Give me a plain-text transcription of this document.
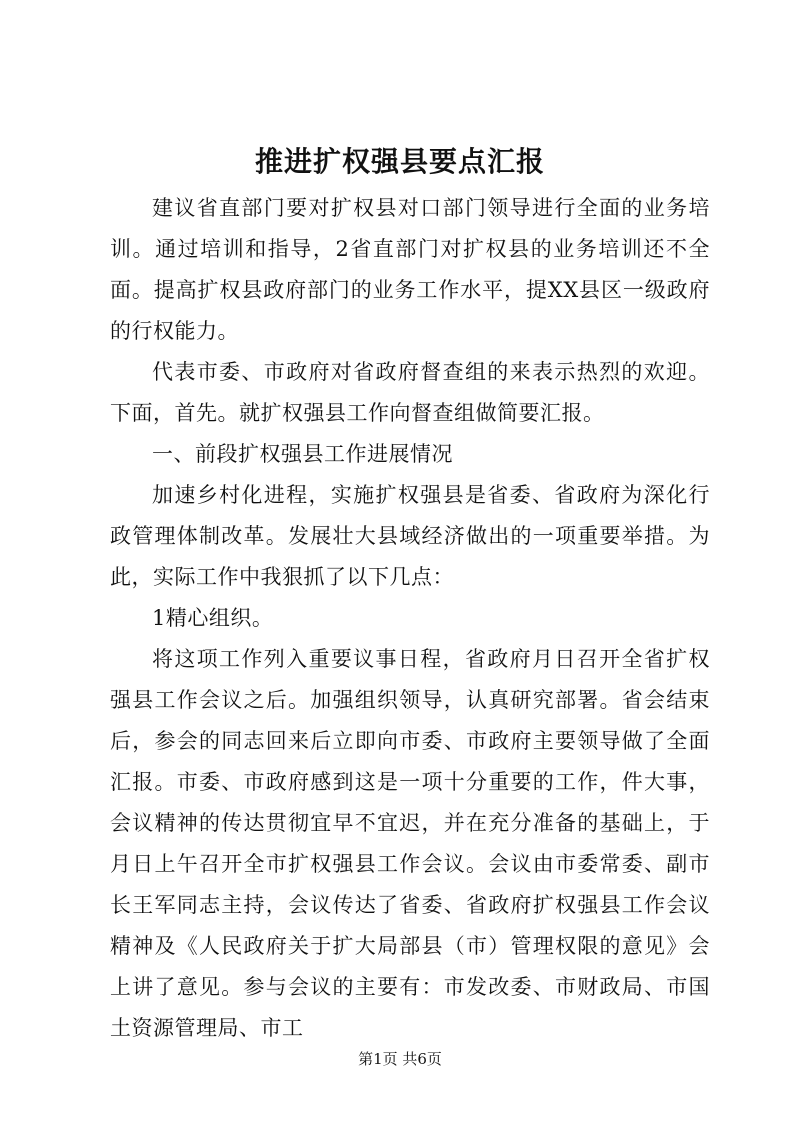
推进扩权强县要点汇报

建议省直部门要对扩权县对口部门领导进行全面的业务培训。通过培训和指导，2省直部门对扩权县的业务培训还不全面。提高扩权县政府部门的业务工作水平，提XX县区一级政府的行权能力。

代表市委、市政府对省政府督查组的来表示热烈的欢迎。下面，首先。就扩权强县工作向督查组做简要汇报。

一、前段扩权强县工作进展情况

加速乡村化进程，实施扩权强县是省委、省政府为深化行政管理体制改革。发展壮大县域经济做出的一项重要举措。为此，实际工作中我狠抓了以下几点：

1精心组织。

将这项工作列入重要议事日程，省政府月日召开全省扩权强县工作会议之后。加强组织领导，认真研究部署。省会结束后，参会的同志回来后立即向市委、市政府主要领导做了全面汇报。市委、市政府感到这是一项十分重要的工作，件大事，会议精神的传达贯彻宜早不宜迟，并在充分准备的基础上，于月日上午召开全市扩权强县工作会议。会议由市委常委、副市长王军同志主持，会议传达了省委、省政府扩权强县工作会议精神及《人民政府关于扩大局部县（市）管理权限的意见》会上讲了意见。参与会议的主要有：市发改委、市财政局、市国土资源管理局、市工

第1页 共6页
